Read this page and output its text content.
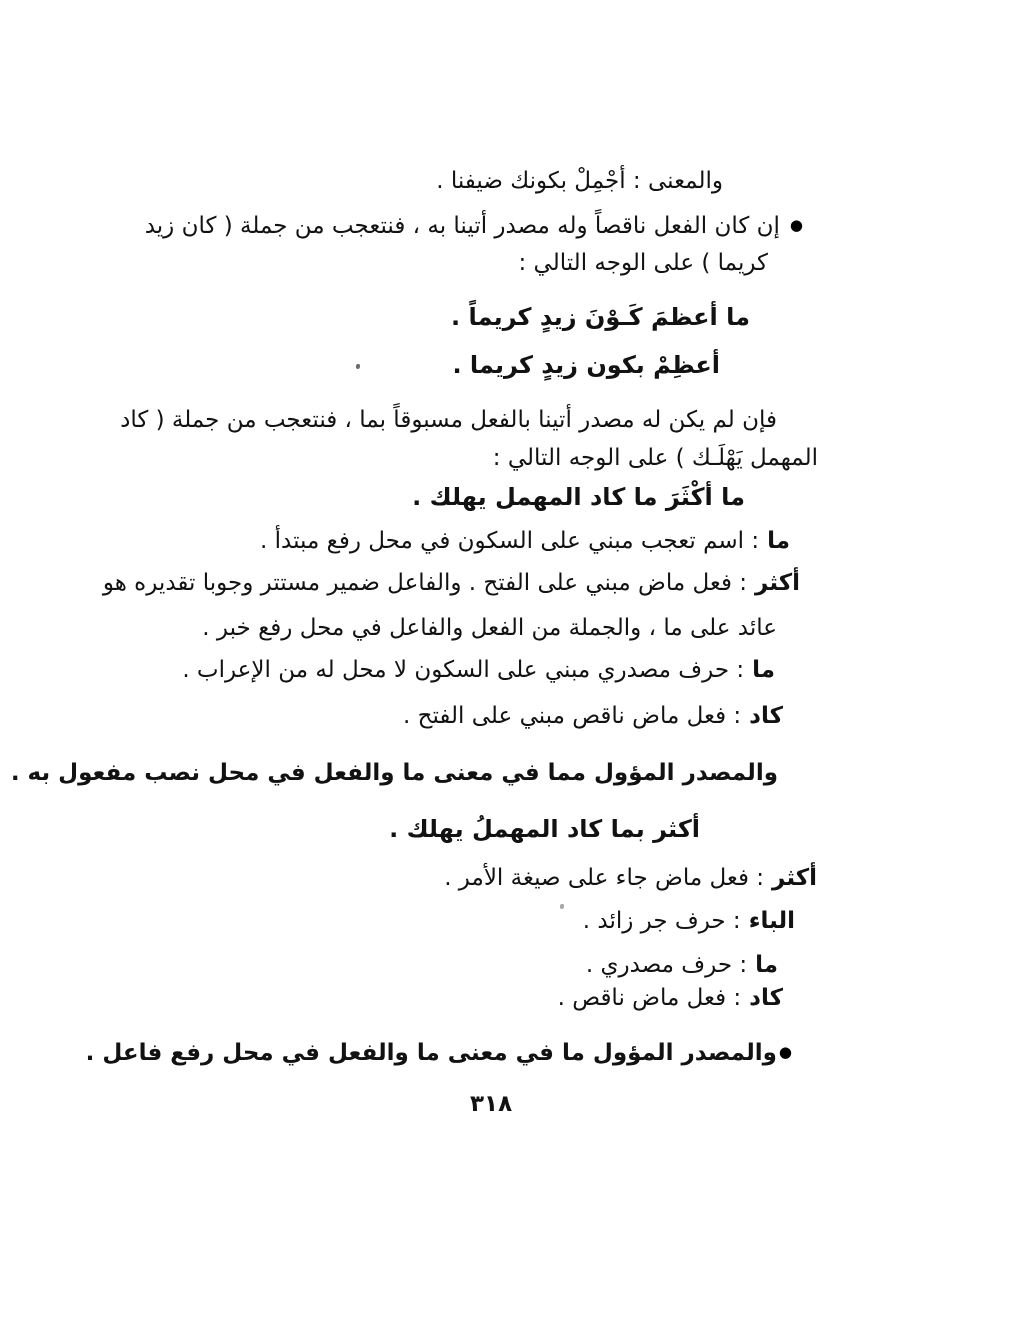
والمعنى : أجْمِلْ بكونك ضيفنا .
●إن كان الفعل ناقصاً وله مصدر أتينا به ، فنتعجب من جملة ( كان زيد
كريما ) على الوجه التالي :
ما أعظمَ كَـوْنَ زيدٍ كريماً .
أعظِمْ بكون زيدٍ كريما .
فإن لم يكن له مصدر أتينا بالفعل مسبوقاً بما ، فنتعجب من جملة ( كاد
المهمل يَهْلَـك ) على الوجه التالي :
ما أكْثَرَ ما كاد المهمل يهلك .
ما: اسم تعجب مبني على السكون في محل رفع مبتدأ .
أكثر: فعل ماض مبني على الفتح . والفاعل ضمير مستتر وجوبا تقديره هو
عائد على ما ، والجملة من الفعل والفاعل في محل رفع خبر .
ما: حرف مصدري مبني على السكون لا محل له من الإعراب .
كاد: فعل ماض ناقص مبني على الفتح .
والمصدر المؤول مما في معنى ما والفعل في محل نصب مفعول به .
أكثر بما كاد المهملُ يهلك .
أكثر: فعل ماض جاء على صيغة الأمر .
الباء: حرف جر زائد .
ما: حرف مصدري .
كاد: فعل ماض ناقص .
●والمصدر المؤول ما في معنى ما والفعل في محل رفع فاعل .
٣١٨
